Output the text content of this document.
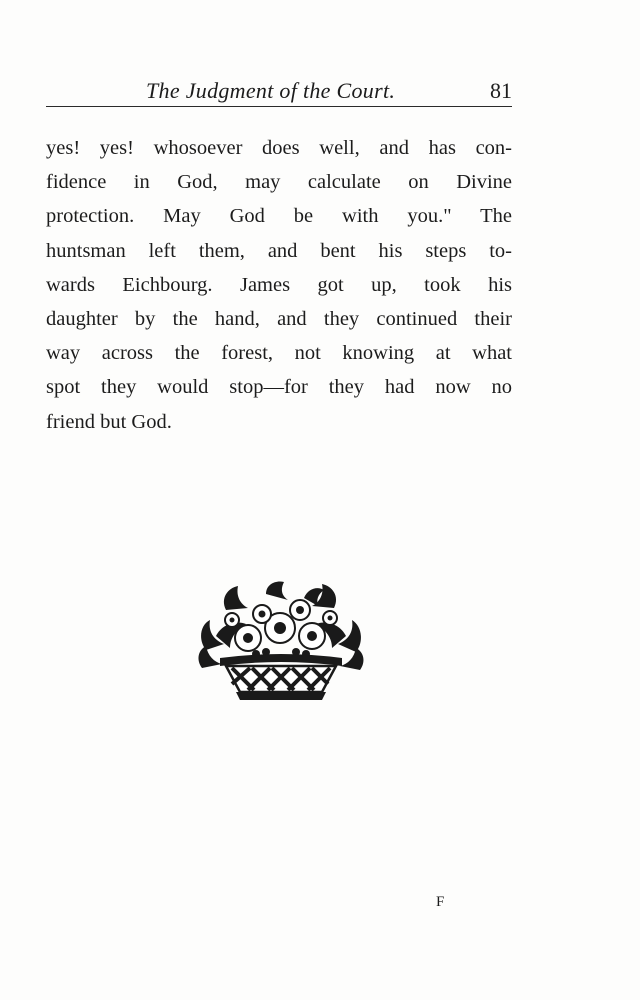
The Judgment of the Court.	81
yes! yes! whosoever does well, and has con-
fidence in God, may calculate on Divine
protection. May God be with you." The
huntsman left them, and bent his steps to-
wards Eichbourg. James got up, took his
daughter by the hand, and they continued their
way across the forest, not knowing at what
spot they would stop—for they had now no
friend but God.
F
